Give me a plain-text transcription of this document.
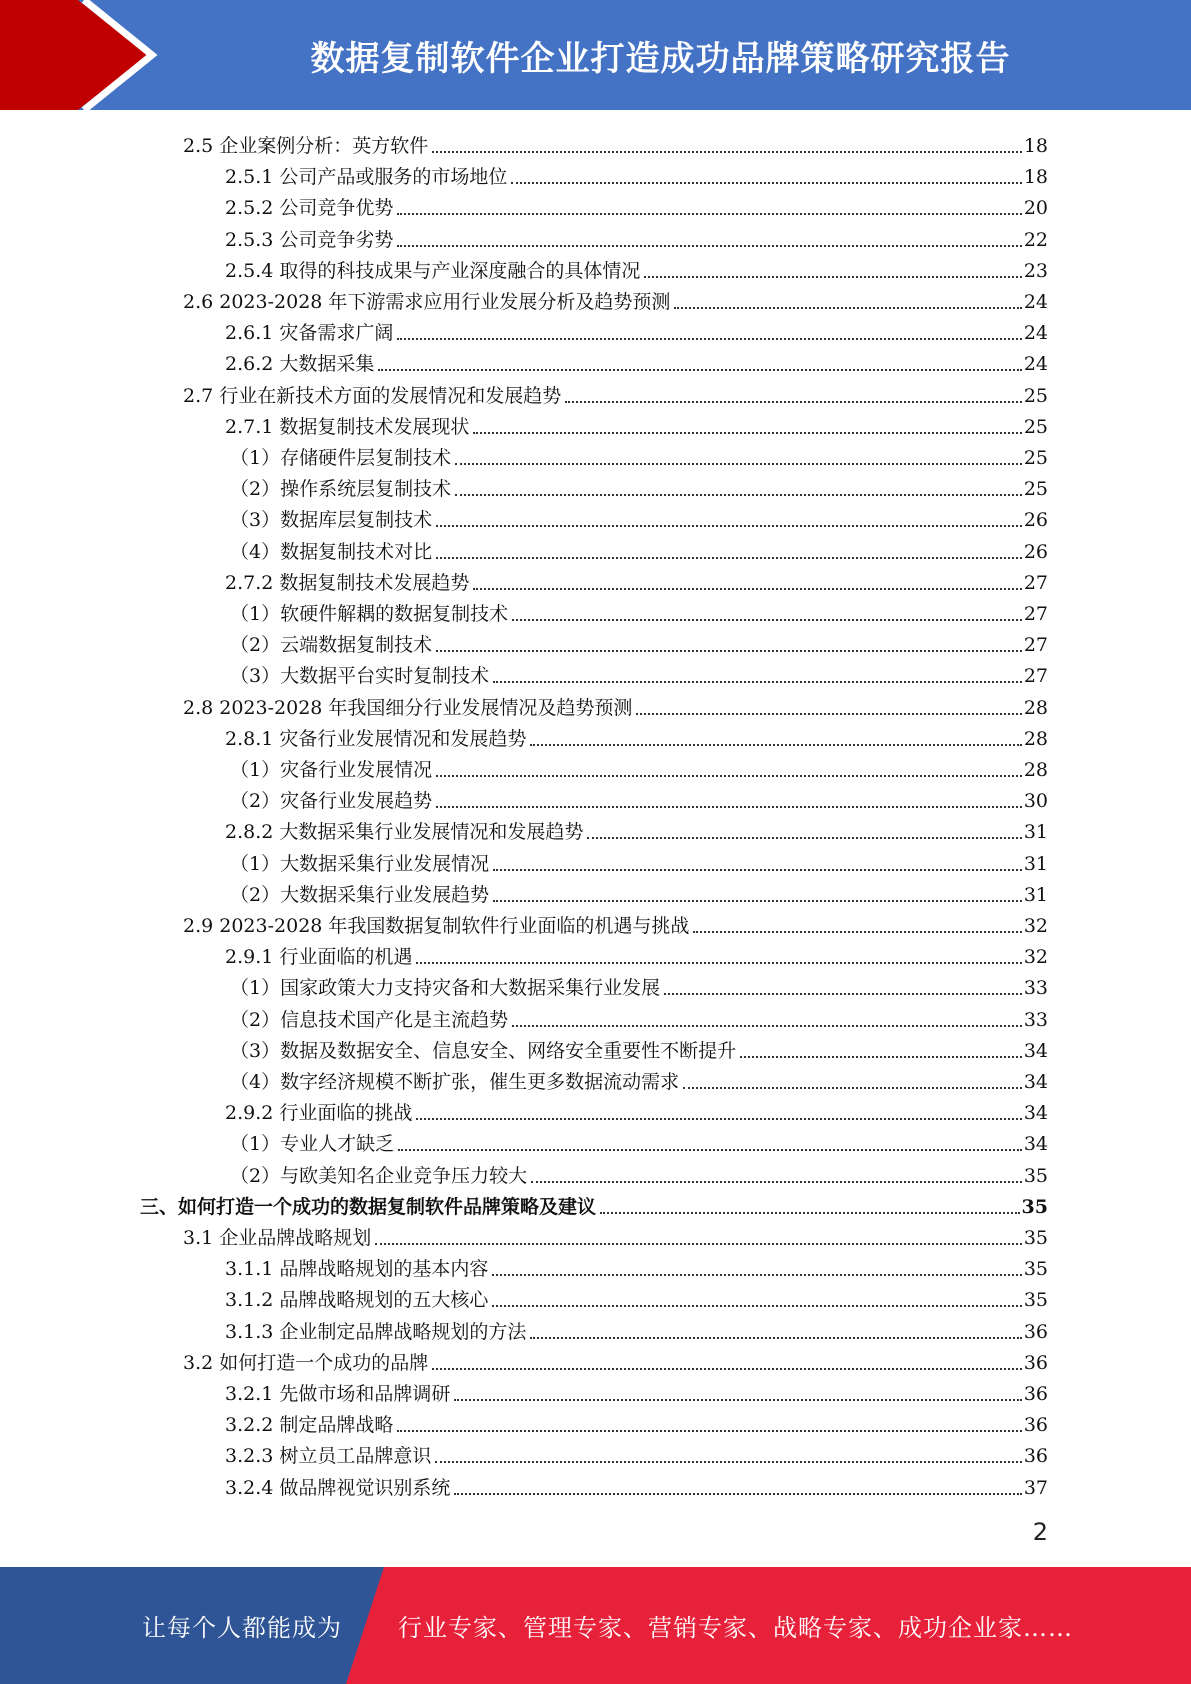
数据复制软件企业打造成功品牌策略研究报告
2.5 企业案例分析：英方软件	18
2.5.1 公司产品或服务的市场地位	18
2.5.2 公司竞争优势	20
2.5.3 公司竞争劣势	22
2.5.4 取得的科技成果与产业深度融合的具体情况	23
2.6 2023-2028 年下游需求应用行业发展分析及趋势预测	24
2.6.1 灾备需求广阔	24
2.6.2 大数据采集	24
2.7 行业在新技术方面的发展情况和发展趋势	25
2.7.1 数据复制技术发展现状	25
（1）存储硬件层复制技术	25
（2）操作系统层复制技术	25
（3）数据库层复制技术	26
（4）数据复制技术对比	26
2.7.2 数据复制技术发展趋势	27
（1）软硬件解耦的数据复制技术	27
（2）云端数据复制技术	27
（3）大数据平台实时复制技术	27
2.8 2023-2028 年我国细分行业发展情况及趋势预测	28
2.8.1 灾备行业发展情况和发展趋势	28
（1）灾备行业发展情况	28
（2）灾备行业发展趋势	30
2.8.2 大数据采集行业发展情况和发展趋势	31
（1）大数据采集行业发展情况	31
（2）大数据采集行业发展趋势	31
2.9 2023-2028 年我国数据复制软件行业面临的机遇与挑战	32
2.9.1 行业面临的机遇	32
（1）国家政策大力支持灾备和大数据采集行业发展	33
（2）信息技术国产化是主流趋势	33
（3）数据及数据安全、信息安全、网络安全重要性不断提升	34
（4）数字经济规模不断扩张，催生更多数据流动需求	34
2.9.2 行业面临的挑战	34
（1）专业人才缺乏	34
（2）与欧美知名企业竞争压力较大	35
三、如何打造一个成功的数据复制软件品牌策略及建议	35
3.1 企业品牌战略规划	35
3.1.1 品牌战略规划的基本内容	35
3.1.2 品牌战略规划的五大核心	35
3.1.3 企业制定品牌战略规划的方法	36
3.2 如何打造一个成功的品牌	36
3.2.1 先做市场和品牌调研	36
3.2.2 制定品牌战略	36
3.2.3 树立员工品牌意识	36
3.2.4 做品牌视觉识别系统	37
2
让每个人都能成为 行业专家、管理专家、营销专家、战略专家、成功企业家……
